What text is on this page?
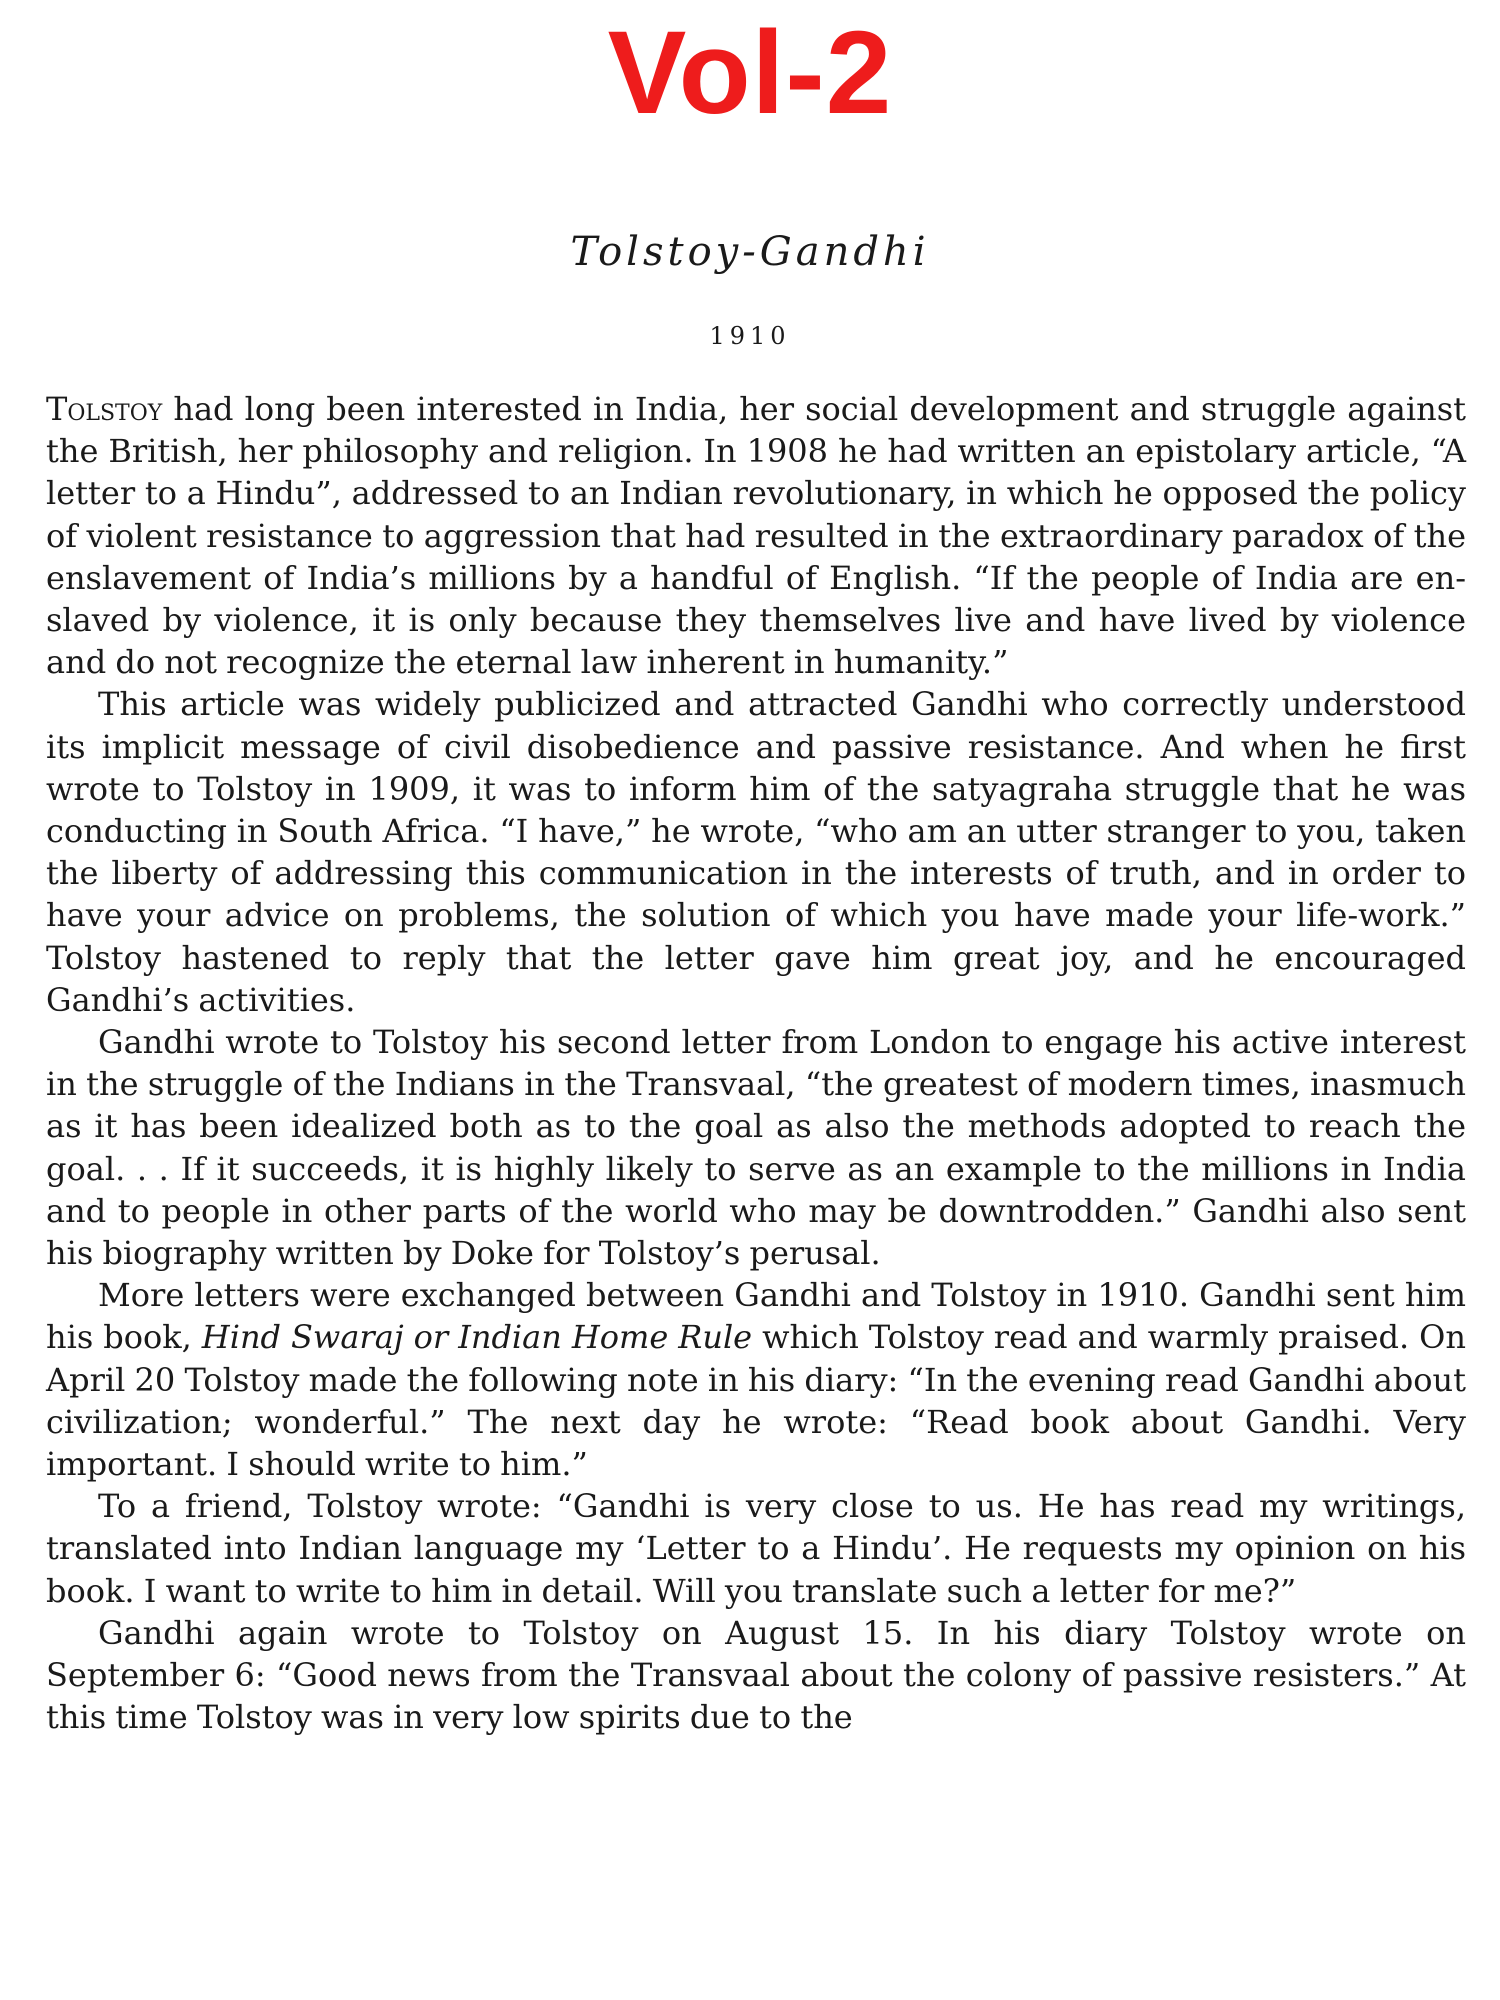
Vol-2
Tolstoy-Gandhi
1910

Tolstoy had long been interested in India, her social development and struggle against the British, her philosophy and religion. In 1908 he had written an epistolary article, “A letter to a Hindu”, addressed to an Indian revolutionary, in which he opposed the policy of violent resistance to aggression that had resulted in the extraordinary paradox of the enslavement of India’s millions by a handful of English. “If the people of India are enslaved by violence, it is only because they themselves live and have lived by violence and do not recognize the eternal law inherent in humanity.”

This article was widely publicized and attracted Gandhi who correctly understood its implicit message of civil disobedience and passive resistance. And when he first wrote to Tolstoy in 1909, it was to inform him of the satyagraha struggle that he was conducting in South Africa. “I have,” he wrote, “who am an utter stranger to you, taken the liberty of addressing this communication in the interests of truth, and in order to have your advice on problems, the solution of which you have made your life-work.” Tolstoy hastened to reply that the letter gave him great joy, and he encouraged Gandhi’s activities.

Gandhi wrote to Tolstoy his second letter from London to engage his active interest in the struggle of the Indians in the Transvaal, “the greatest of modern times, inasmuch as it has been idealized both as to the goal as also the methods adopted to reach the goal. . . If it succeeds, it is highly likely to serve as an example to the millions in India and to people in other parts of the world who may be downtrodden.” Gandhi also sent his biography written by Doke for Tolstoy’s perusal.

More letters were exchanged between Gandhi and Tolstoy in 1910. Gandhi sent him his book, Hind Swaraj or Indian Home Rule which Tolstoy read and warmly praised. On April 20 Tolstoy made the following note in his diary: “In the evening read Gandhi about civilization; wonderful.” The next day he wrote: “Read book about Gandhi. Very important. I should write to him.”

To a friend, Tolstoy wrote: “Gandhi is very close to us. He has read my writings, translated into Indian language my ‘Letter to a Hindu’. He requests my opinion on his book. I want to write to him in detail. Will you translate such a letter for me?”

Gandhi again wrote to Tolstoy on August 15. In his diary Tolstoy wrote on September 6: “Good news from the Transvaal about the colony of passive resisters.” At this time Tolstoy was in very low spirits due to the
